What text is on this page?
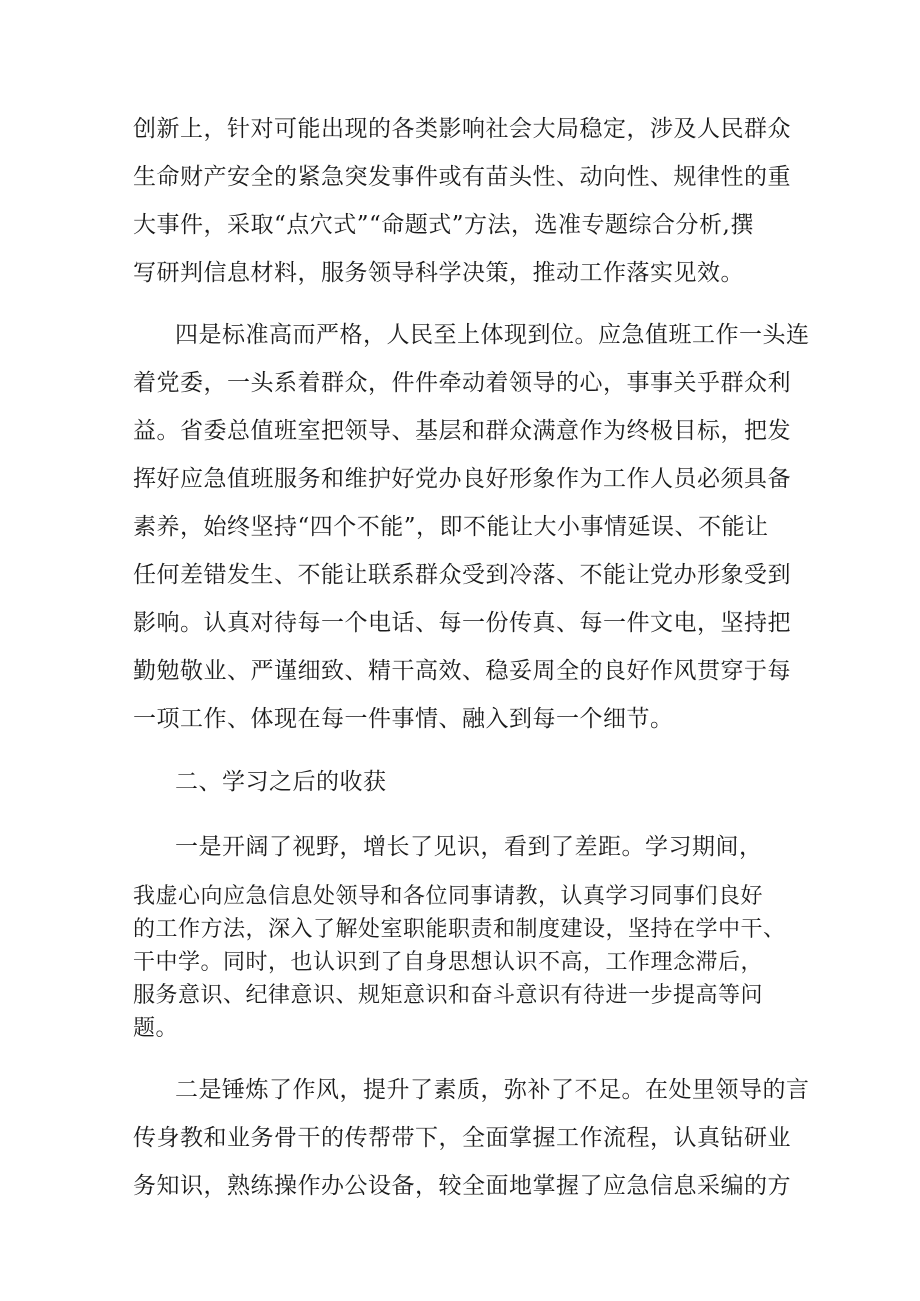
创新上，针对可能出现的各类影响社会大局稳定，涉及人民群众
生命财产安全的紧急突发事件或有苗头性、动向性、规律性的重
大事件，采取“点穴式”“命题式”方法，选准专题综合分析,撰
写研判信息材料，服务领导科学决策，推动工作落实见效。
四是标准高而严格，人民至上体现到位。应急值班工作一头连
着党委，一头系着群众，件件牵动着领导的心，事事关乎群众利
益。省委总值班室把领导、基层和群众满意作为终极目标，把发
挥好应急值班服务和维护好党办良好形象作为工作人员必须具备
素养，始终坚持“四个不能”，即不能让大小事情延误、不能让
任何差错发生、不能让联系群众受到冷落、不能让党办形象受到
影响。认真对待每一个电话、每一份传真、每一件文电，坚持把
勤勉敬业、严谨细致、精干高效、稳妥周全的良好作风贯穿于每
一项工作、体现在每一件事情、融入到每一个细节。
二、学习之后的收获
一是开阔了视野，增长了见识，看到了差距。学习期间，
我虚心向应急信息处领导和各位同事请教，认真学习同事们良好
的工作方法，深入了解处室职能职责和制度建设，坚持在学中干、
干中学。同时，也认识到了自身思想认识不高，工作理念滞后，
服务意识、纪律意识、规矩意识和奋斗意识有待进一步提高等问
题。
二是锤炼了作风，提升了素质，弥补了不足。在处里领导的言
传身教和业务骨干的传帮带下，全面掌握工作流程，认真钻研业
务知识，熟练操作办公设备，较全面地掌握了应急信息采编的方
